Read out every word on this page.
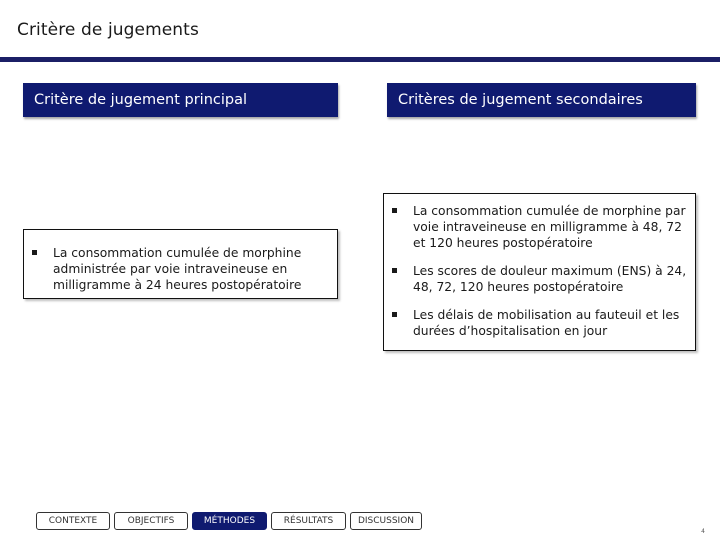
Critère de jugements
Critère de jugement principal	Critères de jugement secondaires
La consommation cumulée de morphine administrée par voie intraveineuse en milligramme à 24 heures postopératoire
La consommation cumulée de morphine par voie intraveineuse en milligramme à 48, 72 et 120 heures postopératoire
Les scores de douleur maximum (ENS) à 24, 48, 72, 120 heures postopératoire
Les délais de mobilisation au fauteuil et les durées d’hospitalisation en jour
CONTEXTE	OBJECTIFS	MÉTHODES	RÉSULTATS	DISCUSSION
4
